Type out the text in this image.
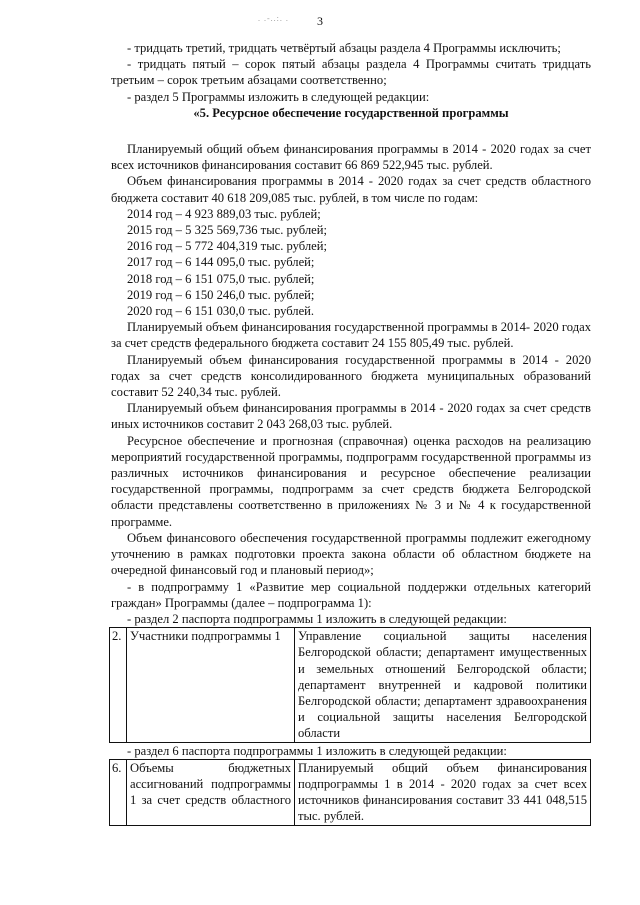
. .-..:. .	3

- тридцать третий, тридцать четвёртый абзацы раздела 4 Программы исключить;

- тридцать пятый – сорок пятый абзацы раздела 4 Программы считать тридцать третьим – сорок третьим абзацами соответственно;

- раздел 5 Программы изложить в следующей редакции:

«5. Ресурсное обеспечение государственной программы

Планируемый общий объем финансирования программы в 2014 - 2020 годах за счет всех источников финансирования составит 66 869 522,945 тыс. рублей.

Объем финансирования программы в 2014 - 2020 годах за счет средств областного бюджета составит 40 618 209,085 тыс. рублей, в том числе по годам:

2014 год – 4 923 889,03 тыс. рублей;

2015 год – 5 325 569,736 тыс. рублей;

2016 год – 5 772 404,319 тыс. рублей;

2017 год – 6 144 095,0 тыс. рублей;

2018 год – 6 151 075,0 тыс. рублей;

2019 год – 6 150 246,0 тыс. рублей;

2020 год – 6 151 030,0 тыс. рублей.

Планируемый объем финансирования государственной программы в 2014- 2020 годах за счет средств федерального бюджета составит 24 155 805,49 тыс. рублей.

Планируемый объем финансирования государственной программы в 2014 - 2020 годах за счет средств консолидированного бюджета муниципальных образований составит 52 240,34 тыс. рублей.

Планируемый объем финансирования программы в 2014 - 2020 годах за счет средств иных источников составит 2 043 268,03 тыс. рублей.

Ресурсное обеспечение и прогнозная (справочная) оценка расходов на реализацию мероприятий государственной программы, подпрограмм государственной программы из различных источников финансирования и ресурсное обеспечение реализации государственной программы, подпрограмм за счет средств бюджета Белгородской области представлены соответственно в приложениях № 3 и № 4 к государственной программе.

Объем финансового обеспечения государственной программы подлежит ежегодному уточнению в рамках подготовки проекта закона области об областном бюджете на очередной финансовый год и плановый период»;

- в подпрограмму 1 «Развитие мер социальной поддержки отдельных категорий граждан» Программы (далее – подпрограмма 1):

- раздел 2 паспорта подпрограммы 1 изложить в следующей редакции:

2.	Участники подпрограммы 1	Управление социальной защиты населения Белгородской области; департамент имущественных и земельных отношений Белгородской области; департамент внутренней и кадровой политики Белгородской области; департамент здравоохранения и социальной защиты населения Белгородской области

- раздел 6 паспорта подпрограммы 1 изложить в следующей редакции:

6.	Объемы бюджетных ассигнований подпрограммы 1 за счет средств областного	Планируемый общий объем финансирования подпрограммы 1 в 2014 - 2020 годах за счет всех источников финансирования составит 33 441 048,515 тыс. рублей.
